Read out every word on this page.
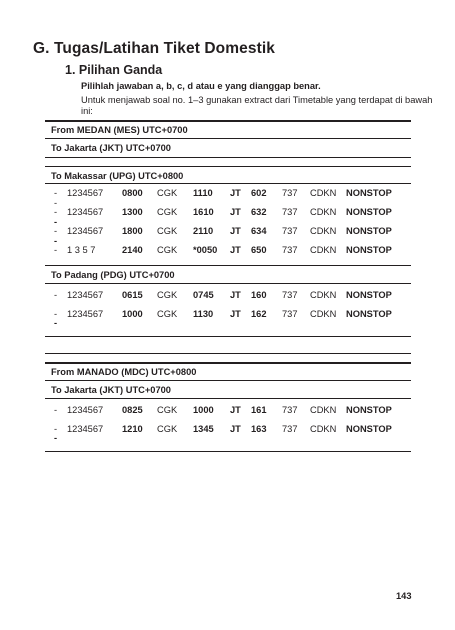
G. Tugas/Latihan Tiket Domestik
1. Pilihan Ganda
Pilihlah jawaban a, b, c, d atau e yang dianggap benar.
Untuk menjawab soal no. 1–3 gunakan extract dari Timetable yang terdapat di bawah
ini:
From MEDAN (MES) UTC+0700
To Jakarta (JKT) UTC+0700
To Makassar (UPG) UTC+0800
- 1234567 0800 CGK 1110 JT 602 737 CDKN NONSTOP
- 1234567 1300 CGK 1610 JT 632 737 CDKN NONSTOP
- 1234567 1800 CGK 2110 JT 634 737 CDKN NONSTOP
- 1 3 5 7	2140 CGK *0050 JT 650 737 CDKN NONSTOP
-
-
-
To Padang (PDG) UTC+0700
- 1234567 0615 CGK 0745 JT 160 737 CDKN NONSTOP
- 1234567 1000 CGK 1130 JT 162 737 CDKN NONSTOP
-
From MANADO (MDC) UTC+0800
To Jakarta (JKT) UTC+0700
- 1234567 0825 CGK 1000 JT 161 737 CDKN NONSTOP
- 1234567 1210 CGK 1345 JT 163 737 CDKN NONSTOP
-
143
